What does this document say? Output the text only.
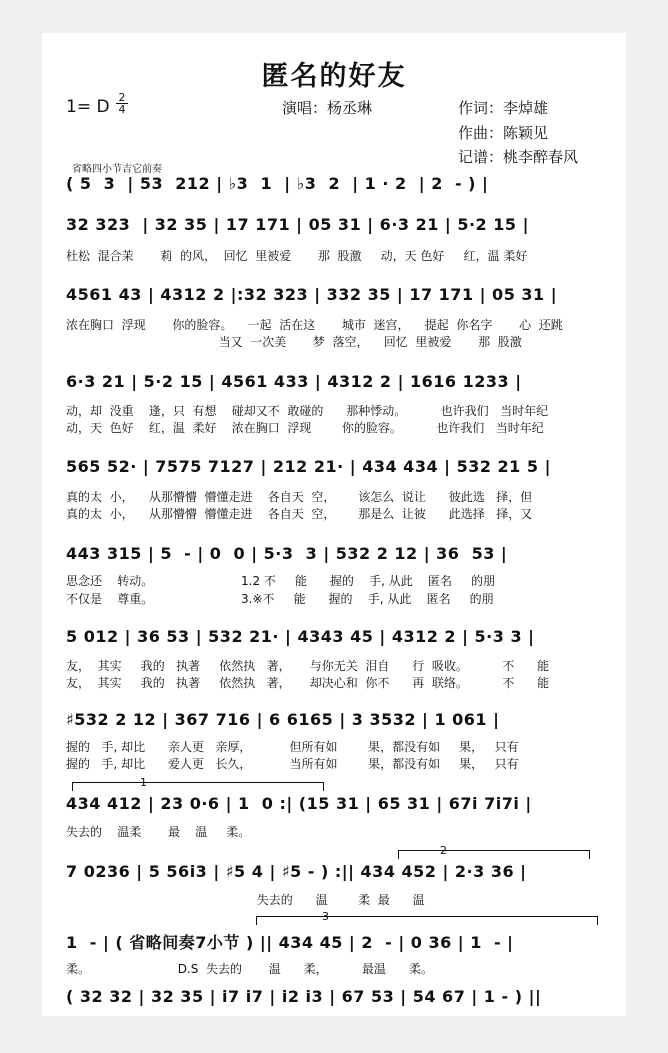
匿名的好友
1= D 2
4	演唱：杨丞琳	作词：李焯雄
作曲：陈颖见
记谱：桃李醉春风
省略四小节吉它前奏
( 5  3  | 53  212 | ♭3  1  | ♭3  2  | 1 · 2  | 2  - ) |
32 323  | 32 35 | 17 171 | 05 31 | 6·3 21 | 5·2 15 |
杜松  混合茉       莉  的风，  回忆  里被爱       那  股激     动，天 色好     红，温 柔好
4561 43 | 4312 2 |:32 323 | 332 35 | 17 171 | 05 31 |
浓在胸口  浮现       你的脸容。    一起  活在这       城市  迷宫，    提起  你名字       心  还跳
当又  一次美       梦  落空，    回忆  里被爱       那  股激
6·3 21 | 5·2 15 | 4561 433 | 4312 2 | 1616 1233 |
动，却  没重    逢，只  有想    碰却又不  敢碰的      那种悸动。         也许我们   当时年纪
动，天  色好    红，温  柔好    浓在胸口  浮现        你的脸容。         也许我们   当时年纪
565 52· | 7575 7127 | 212 21· | 434 434 | 532 21 5 |
真的太  小，    从那懵懵  懵懂走进    各自天  空，      该怎么  说让      彼此选   择，但
真的太  小，    从那懵懵  懵懂走进    各自天  空，      那是么  让彼      此选择   择，又
443 315 | 5  - | 0  0 | 5·3  3 | 532 2 12 | 36  53 |
思念还    转动。                       1.2 不     能      握的    手, 从此    匿名     的朋
不仅是    尊重。                       3.※不     能      握的    手, 从此    匿名     的朋
5 012 | 36 53 | 532 21· | 4343 45 | 4312 2 | 5·3 3 |
友，  其实     我的   执著     依然执   著，     与你无关  泪自      行  吸收。         不      能
友，  其实     我的   执著     依然执   著，     却决心和  你不      再  联络。         不      能
♯532 2 12 | 367 716 | 6 6165 | 3 3532 | 1 061 |
握的   手, 却比      亲人更   亲厚，          但所有如        果，都没有如     果，   只有
握的   手, 却比      爱人更   长久，          当所有如        果，都没有如     果，   只有
1
434 412 | 23 0·6 | 1  0 :| (15 31 | 65 31 | 67i 7i7i |
失去的    温柔       最    温     柔。
2
7 0236 | 5 56i3 | ♯5 4 | ♯5 - ) :|| 434 452 | 2·3 36 |
失去的      温        柔  最      温
3
1  - | ( 省略间奏7小节 ) || 434 45 | 2  - | 0 36 | 1  - |
柔。                       D.S  失去的       温      柔，         最温      柔。
( 32 32 | 32 35 | i7 i7 | i2 i3 | 67 53 | 54 67 | 1 - ) ||
